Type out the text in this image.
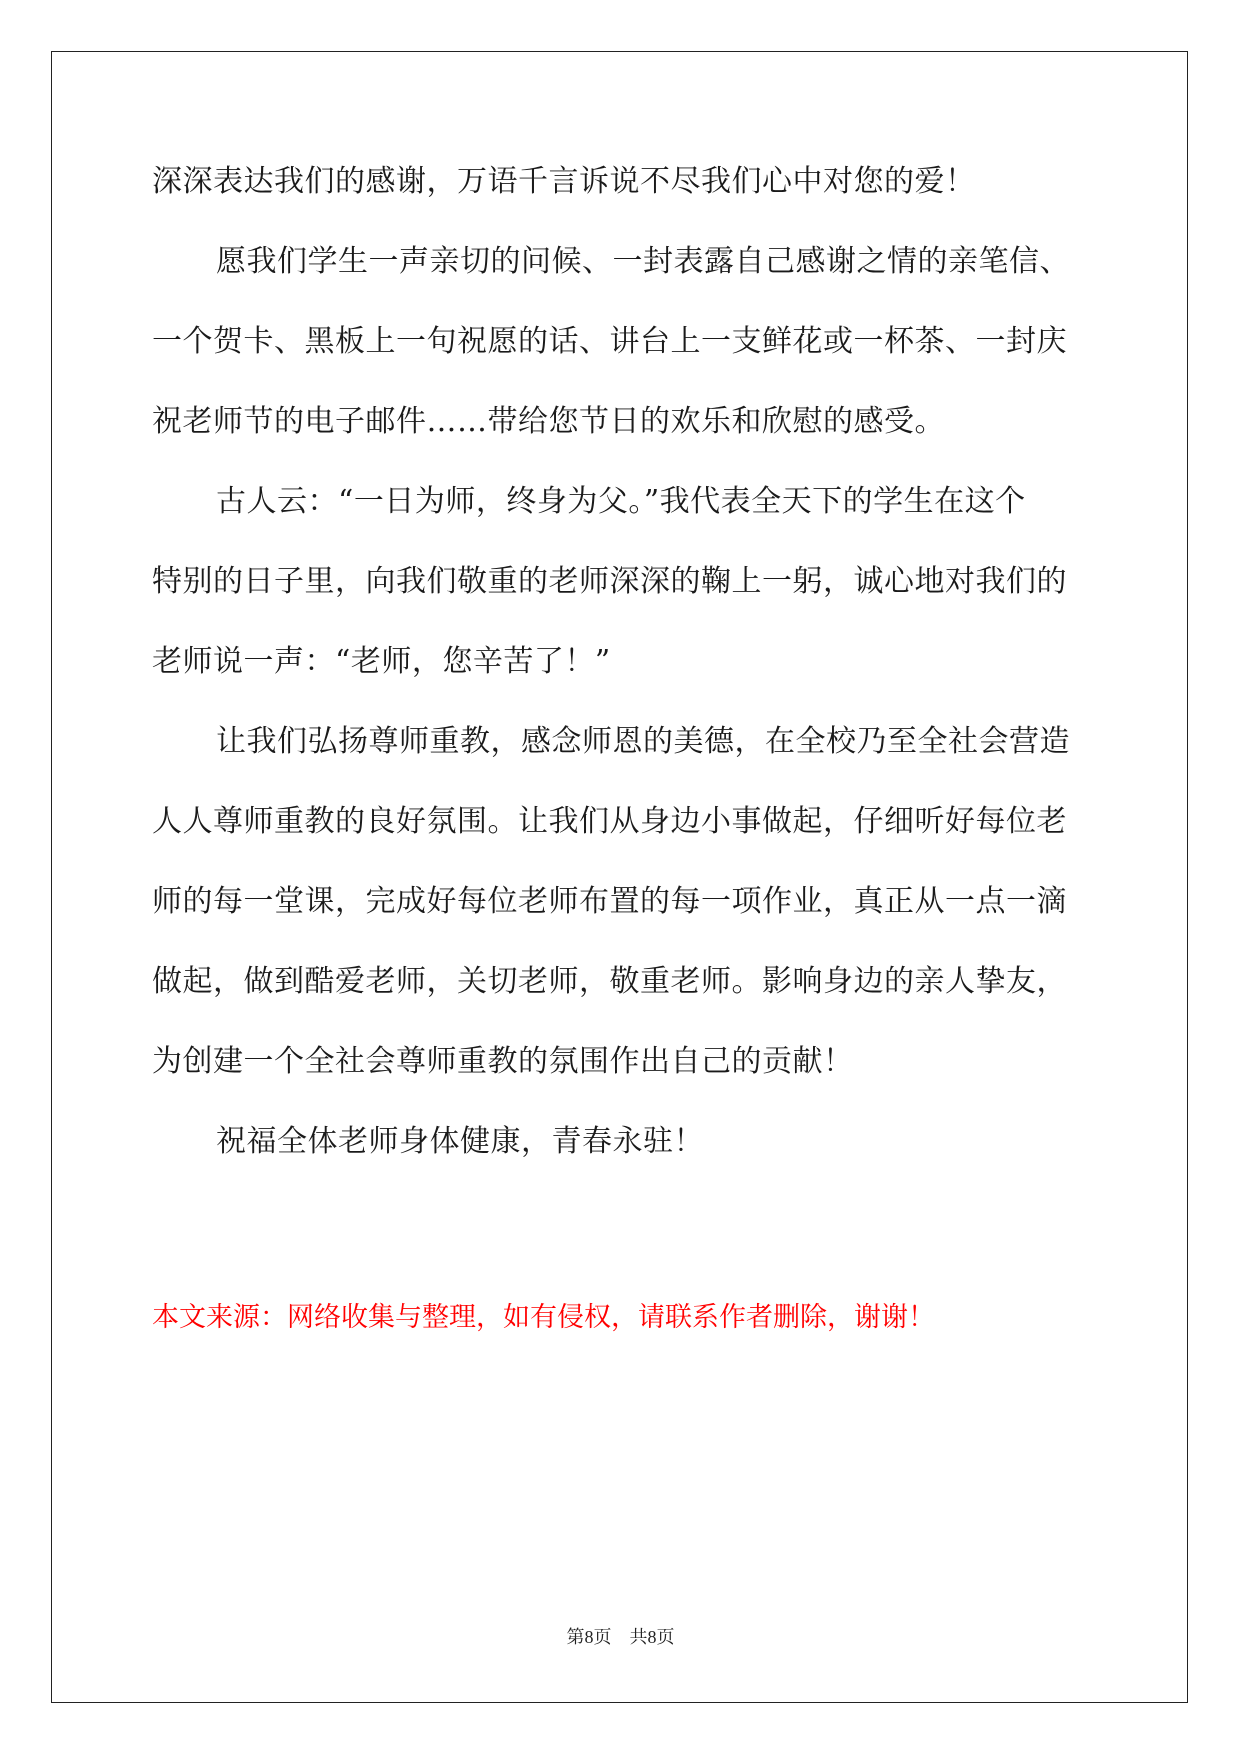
深深表达我们的感谢，万语千言诉说不尽我们心中对您的爱！
愿我们学生一声亲切的问候、一封表露自己感谢之情的亲笔信、
一个贺卡、黑板上一句祝愿的话、讲台上一支鲜花或一杯茶、一封庆
祝老师节的电子邮件……带给您节日的欢乐和欣慰的感受。
古人云：“一日为师，终身为父。”我代表全天下的学生在这个
特别的日子里，向我们敬重的老师深深的鞠上一躬，诚心地对我们的
老师说一声：“老师，您辛苦了！”
让我们弘扬尊师重教，感念师恩的美德，在全校乃至全社会营造
人人尊师重教的良好氛围。让我们从身边小事做起，仔细听好每位老
师的每一堂课，完成好每位老师布置的每一项作业，真正从一点一滴
做起，做到酷爱老师，关切老师，敬重老师。影响身边的亲人挚友，
为创建一个全社会尊师重教的氛围作出自己的贡献！
祝福全体老师身体健康，青春永驻！
本文来源：网络收集与整理，如有侵权，请联系作者删除，谢谢！
第8页 共8页
